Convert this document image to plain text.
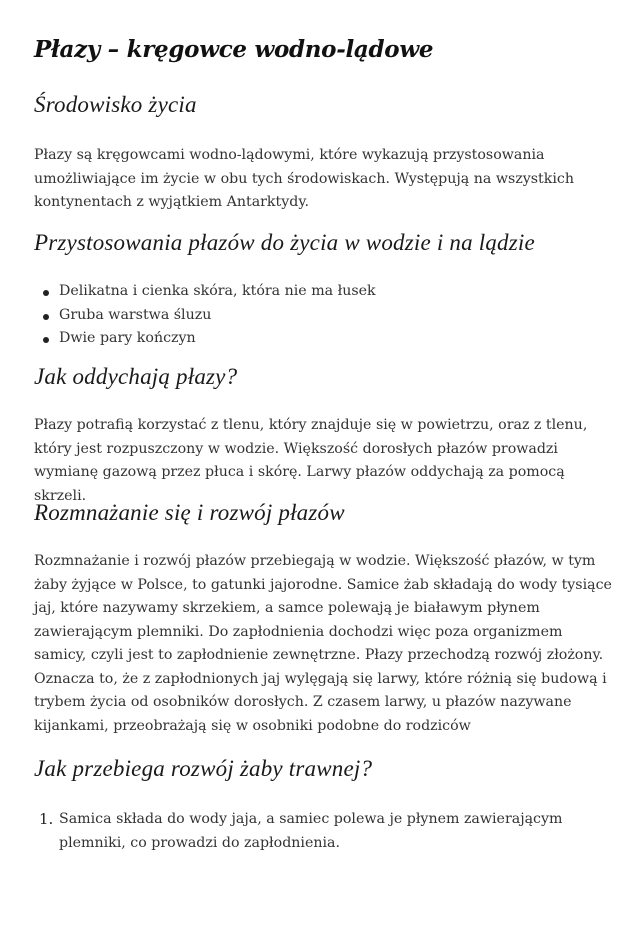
Płazy – kręgowce wodno-lądowe
Środowisko życia
Płazy są kręgowcami wodno-lądowymi, które wykazują przystosowania umożliwiające im życie w obu tych środowiskach. Występują na wszystkich kontynentach z wyjątkiem Antarktydy.
Przystosowania płazów do życia w wodzie i na lądzie
Delikatna i cienka skóra, która nie ma łusek
Gruba warstwa śluzu
Dwie pary kończyn
Jak oddychają płazy?
Płazy potrafią korzystać z tlenu, który znajduje się w powietrzu, oraz z tlenu, który jest rozpuszczony w wodzie. Większość dorosłych płazów prowadzi wymianę gazową przez płuca i skórę. Larwy płazów oddychają za pomocą skrzeli.
Rozmnażanie się i rozwój płazów
Rozmnażanie i rozwój płazów przebiegają w wodzie. Większość płazów, w tym żaby żyjące w Polsce, to gatunki jajorodne. Samice żab składają do wody tysiące jaj, które nazywamy skrzekiem, a samce polewają je białawym płynem zawierającym plemniki. Do zapłodnienia dochodzi więc poza organizmem samicy, czyli jest to zapłodnienie zewnętrzne. Płazy przechodzą rozwój złożony. Oznacza to, że z zapłodnionych jaj wylęgają się larwy, które różnią się budową i trybem życia od osobników dorosłych. Z czasem larwy, u płazów nazywane kijankami, przeobrażają się w osobniki podobne do rodziców
Jak przebiega rozwój żaby trawnej?
1. Samica składa do wody jaja, a samiec polewa je płynem zawierającym plemniki, co prowadzi do zapłodnienia.
